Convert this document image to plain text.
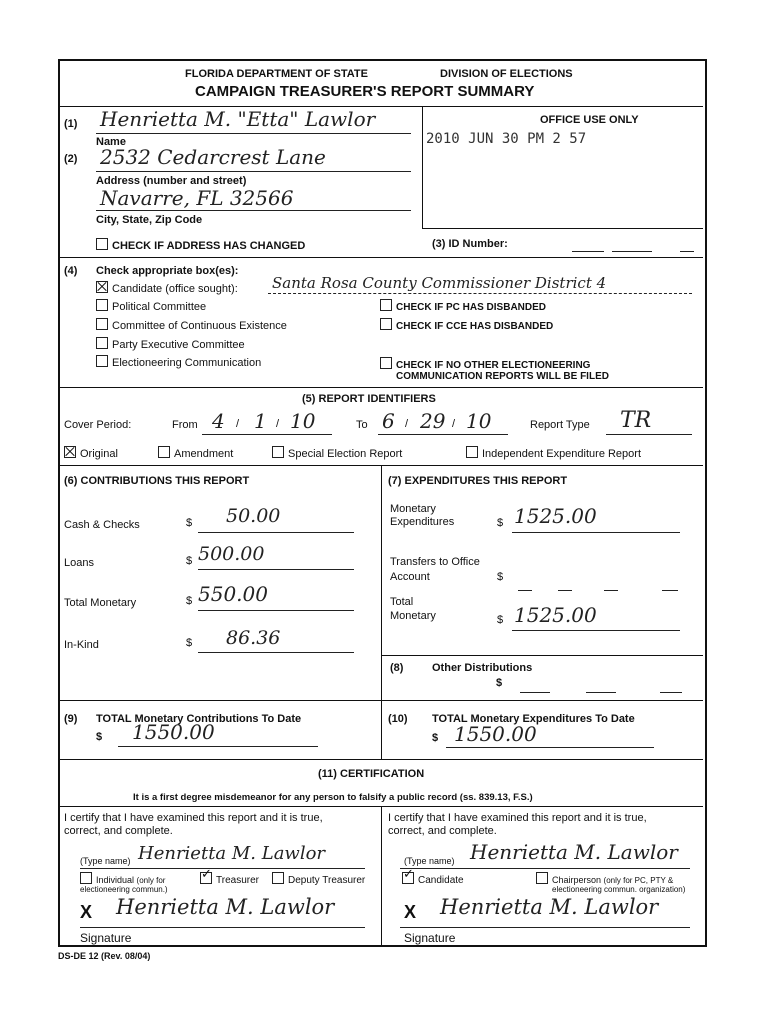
FLORIDA DEPARTMENT OF STATE	DIVISION OF ELECTIONS
CAMPAIGN TREASURER'S REPORT SUMMARY
OFFICE USE ONLY
2010 JUN 30 PM 2 57
(1) Henrietta M. "Etta" Lawlor
Name
(2) 2532 Cedarcrest Lane
Address (number and street)
Navarre, FL 32566
City, State, Zip Code
CHECK IF ADDRESS HAS CHANGED	(3) ID Number:
(4) Check appropriate box(es):
Candidate (office sought): Santa Rosa County Commissioner District 4
Political Committee
Committee of Continuous Existence
Party Executive Committee
Electioneering Communication
CHECK IF PC HAS DISBANDED
CHECK IF CCE HAS DISBANDED
CHECK IF NO OTHER ELECTIONEERING
COMMUNICATION REPORTS WILL BE FILED
(5) REPORT IDENTIFIERS
Cover Period:	From 4 / 1 / 10	To 6 / 29 / 10	Report Type TR
Original	Amendment	Special Election Report	Independent Expenditure Report
(6) CONTRIBUTIONS THIS REPORT
Cash & Checks	$ 50.00
Loans	$ 500.00
Total Monetary	$ 550.00
In-Kind	$ 86.36
(7) EXPENDITURES THIS REPORT
Monetary
Expenditures	$ 1525.00
Transfers to Office
Account	$
Total
Monetary	$ 1525.00
(8)	Other Distributions
$
(9) TOTAL Monetary Contributions To Date
$ 1550.00
(10) TOTAL Monetary Expenditures To Date
$ 1550.00
(11) CERTIFICATION
It is a first degree misdemeanor for any person to falsify a public record (ss. 839.13, F.S.)
I certify that I have examined this report and it is true,
correct, and complete.
I certify that I have examined this report and it is true,
correct, and complete.
(Type name) Henrietta M. Lawlor	(Type name) Henrietta M. Lawlor
Individual (only for
electioneering commun.)
✓Treasurer	Deputy Treasurer
✓	Candidate	Chairperson (only for PC, PTY &
electioneering commun. organization)
X Henrietta M. Lawlor
Signature
X Henrietta M. Lawlor
Signature
DS-DE 12 (Rev. 08/04)
